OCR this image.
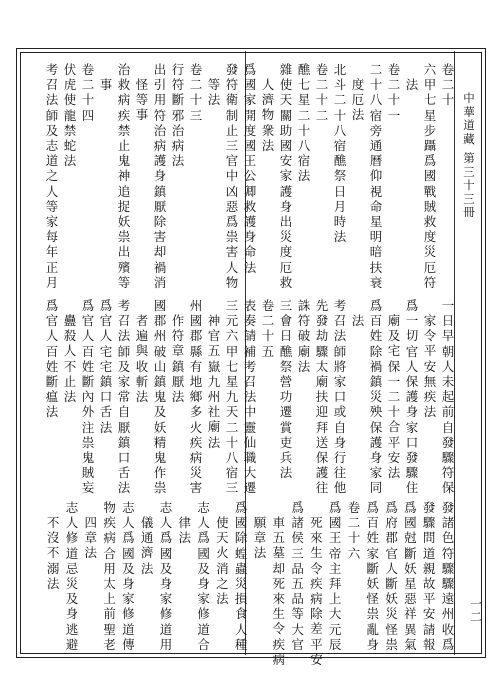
中華道藏
第三十三冊
一二
卷二十
六甲七星步躡爲國戰賊救度災厄符
法
卷二十一
二十八宿旁通曆仰視命星明暗扶衰
度厄法
北斗二十八宿醮祭日月時法
卷二十二
醮七星二十八宿法
雜使天關助國安家護身出災度厄救
人濟物衆法
爲國家開度國王公卿救護身命法
發符衛制止三官中凶惡爲祟害人物
等法
卷二十三
行符斷邪治病法
出引用符治病護身鎮厭除害却禍消
怪等事
治救病疾禁止鬼神追捉妖祟出殯等
事
卷二十四
伏虎使龍禁蛇法
考召法師及志道之人等家每年正月
一日早朝人未起前自發驟符保
家令平安無疾法
爲一切官人保護身家口發驟住
廟及宅保一二十合平安法
爲百姓除禍鎮災殃保護身家同
法
考召法師將家口或自身行往他
先發劫驟太廟扶迎拜送保護往
誅符破廟法
三會日醮祭營功遷賞吏兵法
卷二十五
表奏請補考召法中靈仙職大遷
三元六甲七星九天二十八宿三
神官五嶽九州社廟法
州國郡縣有地鄉多火疾病災害
作符章鎮厭法
國郡州破山鎮鬼及妖精鬼作祟
者遍與收斬法
考召法師及家常自厭鎮口舌法
爲官人宅宅鎮口舌法
爲官人百姓斷內外注祟鬼賊妄
蠱殺人不止法
爲官人百姓斷瘟法
發諸色符驟驟遠州收爲
發驟問道親故平安請報
爲國尅斷妖星惡祥異氣
爲府郡官人斷妖災怪祟
爲百姓家斷妖怪祟亂身
卷二十六
爲國王帝主拜上大元辰
死來生令疾病除差平安
爲諸侯三品五品等大官
車五墓却死來生令疾病
願章法
爲國除蝗蟲災損食人種
使天火消之法
志人爲國及身家修道合
律法
志人爲國及身家修道用
儀通濟法
志人爲國及身家修道傳
物疾病合用太上前聖老
四章法
志人修道忌災及身逃避
不沒不溺法
